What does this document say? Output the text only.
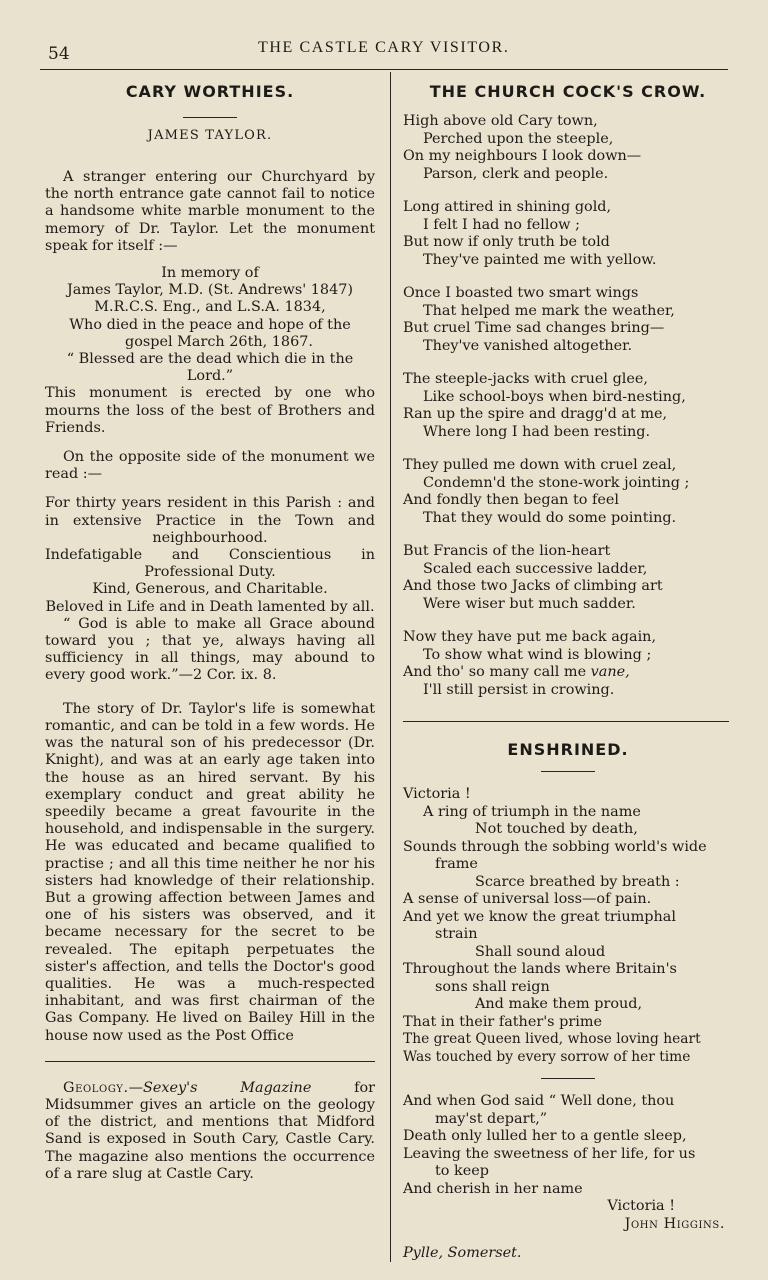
54	THE CASTLE CARY VISITOR.
CARY WORTHIES.
JAMES TAYLOR.

A stranger entering our Churchyard by the north entrance gate cannot fail to notice a handsome white marble monument to the memory of Dr. Taylor. Let the monument speak for itself :—

In memory of

James Taylor, M.D. (St. Andrews' 1847)

M.R.C.S. Eng., and L.S.A. 1834,

Who died in the peace and hope of the gospel March 26th, 1867.

“ Blessed are the dead which die in the Lord.”

This monument is erected by one who mourns the loss of the best of Brothers and Friends.

On the opposite side of the monument we read :—

For thirty years resident in this Parish : and in extensive Practice in the Town and neighbourhood.

Indefatigable and Conscientious in Professional Duty.

Kind, Generous, and Charitable.

Beloved in Life and in Death lamented by all.

“ God is able to make all Grace abound toward you ; that ye, always having all sufficiency in all things, may abound to every good work.”—2 Cor. ix. 8.

The story of Dr. Taylor's life is somewhat romantic, and can be told in a few words. He was the natural son of his predecessor (Dr. Knight), and was at an early age taken into the house as an hired servant. By his exemplary conduct and great ability he speedily became a great favourite in the household, and indispensable in the surgery. He was educated and became qualified to practise ; and all this time neither he nor his sisters had knowledge of their relationship. But a growing affection between James and one of his sisters was observed, and it became necessary for the secret to be revealed. The epitaph perpetuates the sister's affection, and tells the Doctor's good qualities. He was a much-respected inhabitant, and was first chairman of the Gas Company. He lived on Bailey Hill in the house now used as the Post Office

Geology.—Sexey's Magazine for Midsummer gives an article on the geology of the district, and mentions that Midford Sand is exposed in South Cary, Castle Cary. The magazine also mentions the occurrence of a rare slug at Castle Cary.

THE CHURCH COCK'S CROW.
High above old Cary town,
Perched upon the steeple,
On my neighbours I look down—
Parson, clerk and people.
Long attired in shining gold,
I felt I had no fellow ;
But now if only truth be told
They've painted me with yellow.
Once I boasted two smart wings
That helped me mark the weather,
But cruel Time sad changes bring—
They've vanished altogether.
The steeple-jacks with cruel glee,
Like school-boys when bird-nesting,
Ran up the spire and dragg'd at me,
Where long I had been resting.
They pulled me down with cruel zeal,
Condemn'd the stone-work jointing ;
And fondly then began to feel
That they would do some pointing.
But Francis of the lion-heart
Scaled each successive ladder,
And those two Jacks of climbing art
Were wiser but much sadder.
Now they have put me back again,
To show what wind is blowing ;
And tho' so many call me vane,
I'll still persist in crowing.
ENSHRINED.
Victoria !
A ring of triumph in the name
Not touched by death,
Sounds through the sobbing world's wide
frame
Scarce breathed by breath :
A sense of universal loss—of pain.
And yet we know the great triumphal
strain
Shall sound aloud
Throughout the lands where Britain's
sons shall reign
And make them proud,
That in their father's prime
The great Queen lived, whose loving heart
Was touched by every sorrow of her time
And when God said “ Well done, thou
may'st depart,”
Death only lulled her to a gentle sleep,
Leaving the sweetness of her life, for us
to keep
And cherish in her name
Victoria !
John Higgins.
Pylle, Somerset.
